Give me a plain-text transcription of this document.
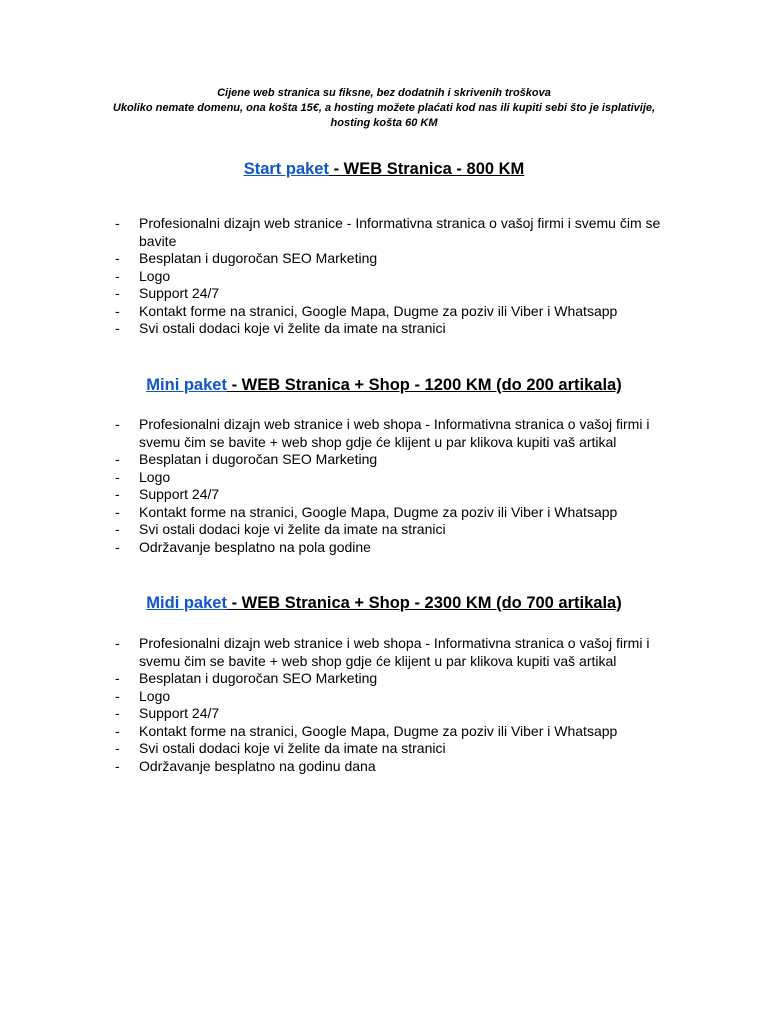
Cijene web stranica su fiksne, bez dodatnih i skrivenih troškova
Ukoliko nemate domenu, ona košta 15€, a hosting možete plaćati kod nas ili kupiti sebi što je isplativije,
hosting košta 60 KM
Start paket - WEB Stranica - 800 KM
- Profesionalni dizajn web stranice - Informativna stranica o vašoj firmi i svemu čim se bavite
- Besplatan i dugoročan SEO Marketing
- Logo
- Support 24/7
- Kontakt forme na stranici, Google Mapa, Dugme za poziv ili Viber i Whatsapp
- Svi ostali dodaci koje vi želite da imate na stranici
Mini paket - WEB Stranica + Shop - 1200 KM (do 200 artikala)
- Profesionalni dizajn web stranice i web shopa - Informativna stranica o vašoj firmi i svemu čim se bavite + web shop gdje će klijent u par klikova kupiti vaš artikal
- Besplatan i dugoročan SEO Marketing
- Logo
- Support 24/7
- Kontakt forme na stranici, Google Mapa, Dugme za poziv ili Viber i Whatsapp
- Svi ostali dodaci koje vi želite da imate na stranici
- Održavanje besplatno na pola godine
Midi paket - WEB Stranica + Shop - 2300 KM (do 700 artikala)
- Profesionalni dizajn web stranice i web shopa - Informativna stranica o vašoj firmi i svemu čim se bavite + web shop gdje će klijent u par klikova kupiti vaš artikal
- Besplatan i dugoročan SEO Marketing
- Logo
- Support 24/7
- Kontakt forme na stranici, Google Mapa, Dugme za poziv ili Viber i Whatsapp
- Svi ostali dodaci koje vi želite da imate na stranici
- Održavanje besplatno na godinu dana
